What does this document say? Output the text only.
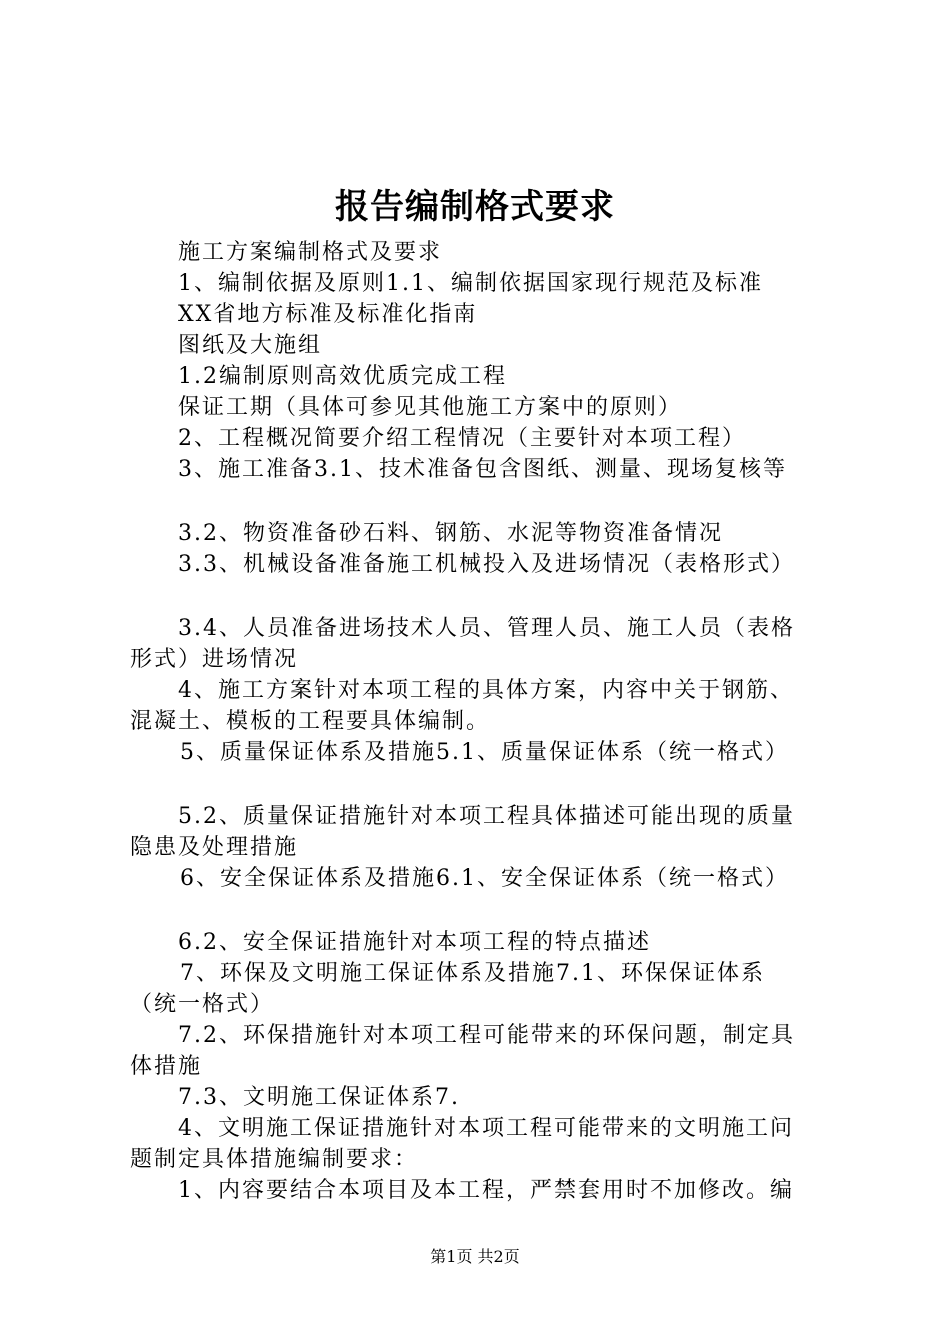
报告编制格式要求
施工方案编制格式及要求
1、编制依据及原则1.1、编制依据国家现行规范及标准
XX省地方标准及标准化指南
图纸及大施组
1.2编制原则高效优质完成工程
保证工期（具体可参见其他施工方案中的原则）
2、工程概况简要介绍工程情况（主要针对本项工程）
3、施工准备3.1、技术准备包含图纸、测量、现场复核等
3.2、物资准备砂石料、钢筋、水泥等物资准备情况
3.3、机械设备准备施工机械投入及进场情况（表格形式）
3.4、人员准备进场技术人员、管理人员、施工人员（表格
形式）进场情况
4、施工方案针对本项工程的具体方案，内容中关于钢筋、
混凝土、模板的工程要具体编制。
5、质量保证体系及措施5.1、质量保证体系（统一格式）
5.2、质量保证措施针对本项工程具体描述可能出现的质量
隐患及处理措施
6、安全保证体系及措施6.1、安全保证体系（统一格式）
6.2、安全保证措施针对本项工程的特点描述
7、环保及文明施工保证体系及措施7.1、环保保证体系
（统一格式）
7.2、环保措施针对本项工程可能带来的环保问题，制定具
体措施
7.3、文明施工保证体系7.
4、文明施工保证措施针对本项工程可能带来的文明施工问
题制定具体措施编制要求：
1、内容要结合本项目及本工程，严禁套用时不加修改。编
第1页 共2页
